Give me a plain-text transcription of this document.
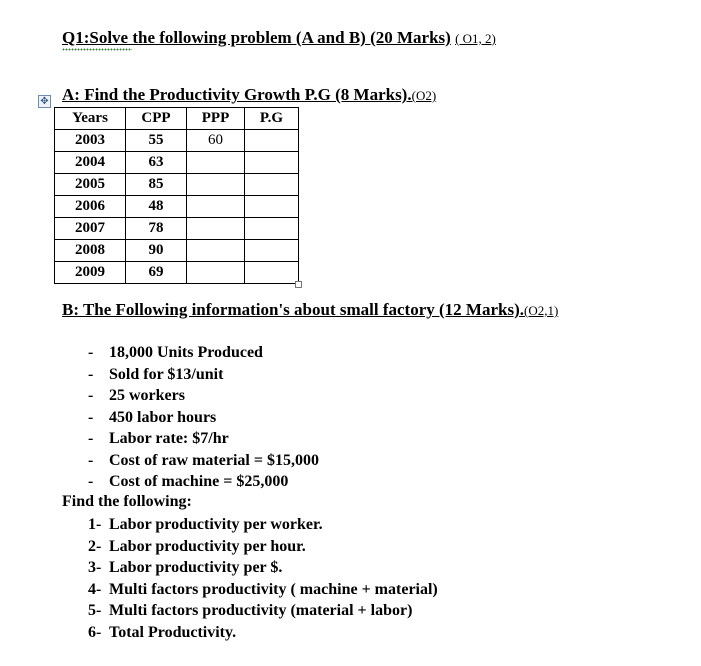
Q1:Solve the following problem (A and B) (20 Marks) ( O1, 2)
✥ A: Find the Productivity Growth P.G (8 Marks).(O2)
Years	CPP	PPP	P.G
2003	55	60	
2004	63		
2005	85		
2006	48		
2007	78		
2008	90		
2009	69		
B: The Following information's about small factory (12 Marks).(O2,1)
- 18,000 Units Produced
- Sold for $13/unit
- 25 workers
- 450 labor hours
- Labor rate: $7/hr
- Cost of raw material = $15,000
- Cost of machine = $25,000
Find the following:
1- Labor productivity per worker.
2- Labor productivity per hour.
3- Labor productivity per $.
4- Multi factors productivity ( machine + material)
5- Multi factors productivity (material + labor)
6- Total Productivity.
